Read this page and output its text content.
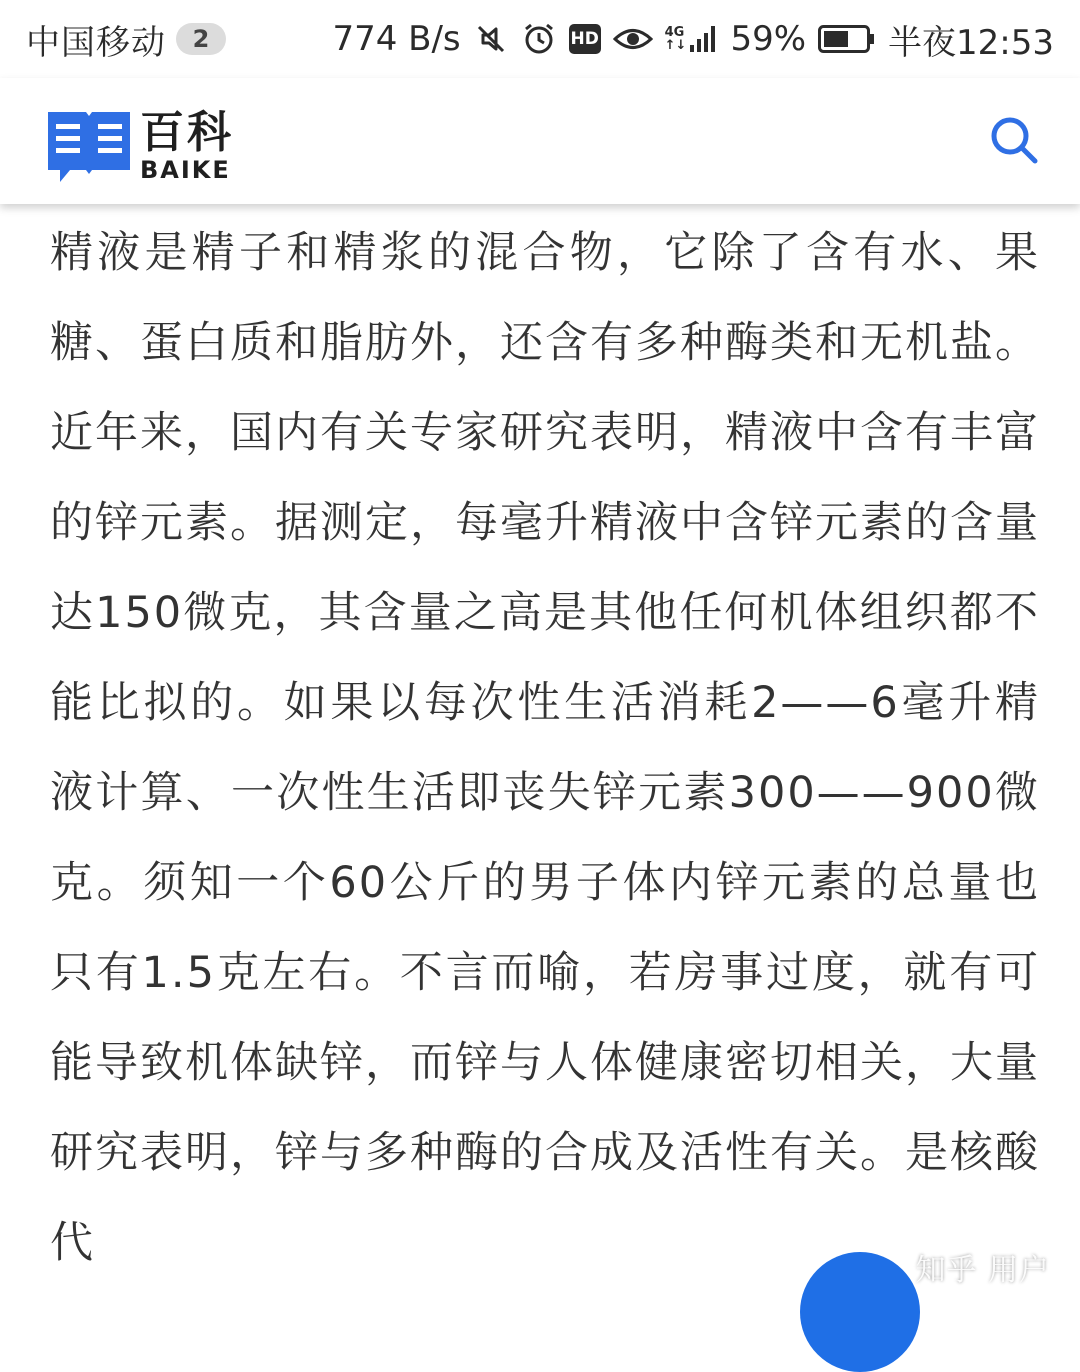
中国移动	2	774 B/s	HD	4G
↑↓ 59% 半夜12:53
百科
BAIKE

精液是精子和精浆的混合物，它除了含有水、果糖、蛋白质和脂肪外，还含有多种酶类和无机盐。近年来，国内有关专家研究表明，精液中含有丰富的锌元素。据测定，每毫升精液中含锌元素的含量达150微克，其含量之高是其他任何机体组织都不能比拟的。如果以每次性生活消耗2——6毫升精液计算、一次性生活即丧失锌元素300——900微克。须知一个60公斤的男子体内锌元素的总量也只有1.5克左右。不言而喻，若房事过度，就有可能导致机体缺锌，而锌与人体健康密切相关，大量研究表明，锌与多种酶的合成及活性有关。是核酸代

知乎 用户
